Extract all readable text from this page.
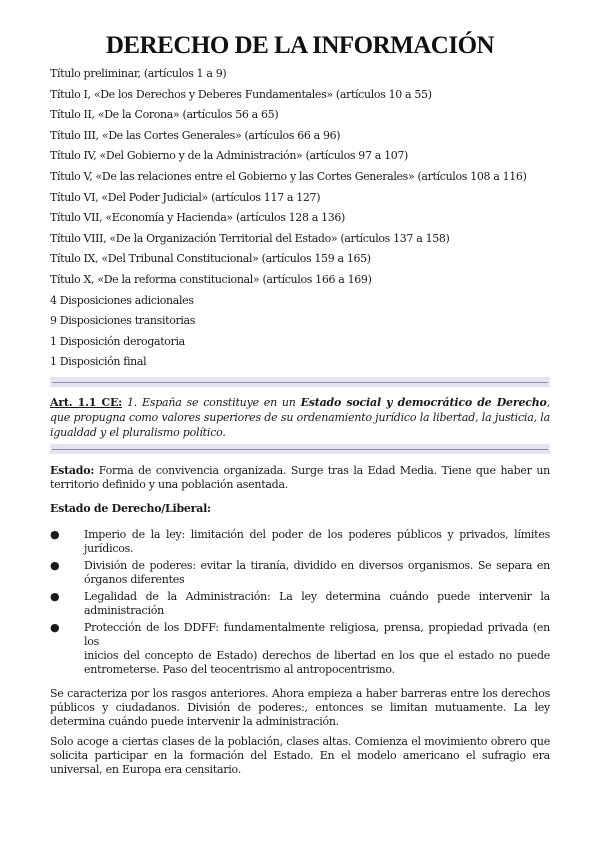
DERECHO DE LA INFORMACIÓN
Título preliminar, (artículos 1 a 9)
Título I, «De los Derechos y Deberes Fundamentales» (artículos 10 a 55)
Título II, «De la Corona» (artículos 56 a 65)
Título III, «De las Cortes Generales» (artículos 66 a 96)
Título IV, «Del Gobierno y de la Administración» (artículos 97 a 107)
Título V, «De las relaciones entre el Gobierno y las Cortes Generales» (artículos 108 a 116)
Título VI, «Del Poder Judicial» (artículos 117 a 127)
Título VII, «Economía y Hacienda» (artículos 128 a 136)
Título VIII, «De la Organización Territorial del Estado» (artículos 137 a 158)
Título IX, «Del Tribunal Constitucional» (artículos 159 a 165)
Título X, «De la reforma constitucional» (artículos 166 a 169)
4 Disposiciones adicionales
9 Disposiciones transitorias
1 Disposición derogatoria
1 Disposición final
Art. 1.1 CE: 1. España se constituye en un Estado social y democrático de Derecho, que propugna como valores superiores de su ordenamiento jurídico la libertad, la justicia, la igualdad y el pluralismo político.

Estado: Forma de convivencia organizada. Surge tras la Edad Media. Tiene que haber un territorio definido y una población asentada.

Estado de Derecho/Liberal:

●	Imperio de la ley: limitación del poder de los poderes públicos y privados, límites
jurídicos.
●	División de poderes: evitar la tiranía, dividido en diversos organismos. Se separa en
órganos diferentes
●	Legalidad de la Administración: La ley determina cuándo puede intervenir la
administración
●	Protección de los DDFF: fundamentalmente religiosa, prensa, propiedad privada (en los
inicios del concepto de Estado) derechos de libertad en los que el estado no puede entrometerse. Paso del teocentrismo al antropocentrismo.

Se caracteriza por los rasgos anteriores. Ahora empieza a haber barreras entre los derechos públicos y ciudadanos. División de poderes:, entonces se limitan mutuamente. La ley determina cuándo puede intervenir la administración.

Solo acoge a ciertas clases de la población, clases altas. Comienza el movimiento obrero que solicita participar en la formación del Estado. En el modelo americano el sufragio era universal, en Europa era censitario.
